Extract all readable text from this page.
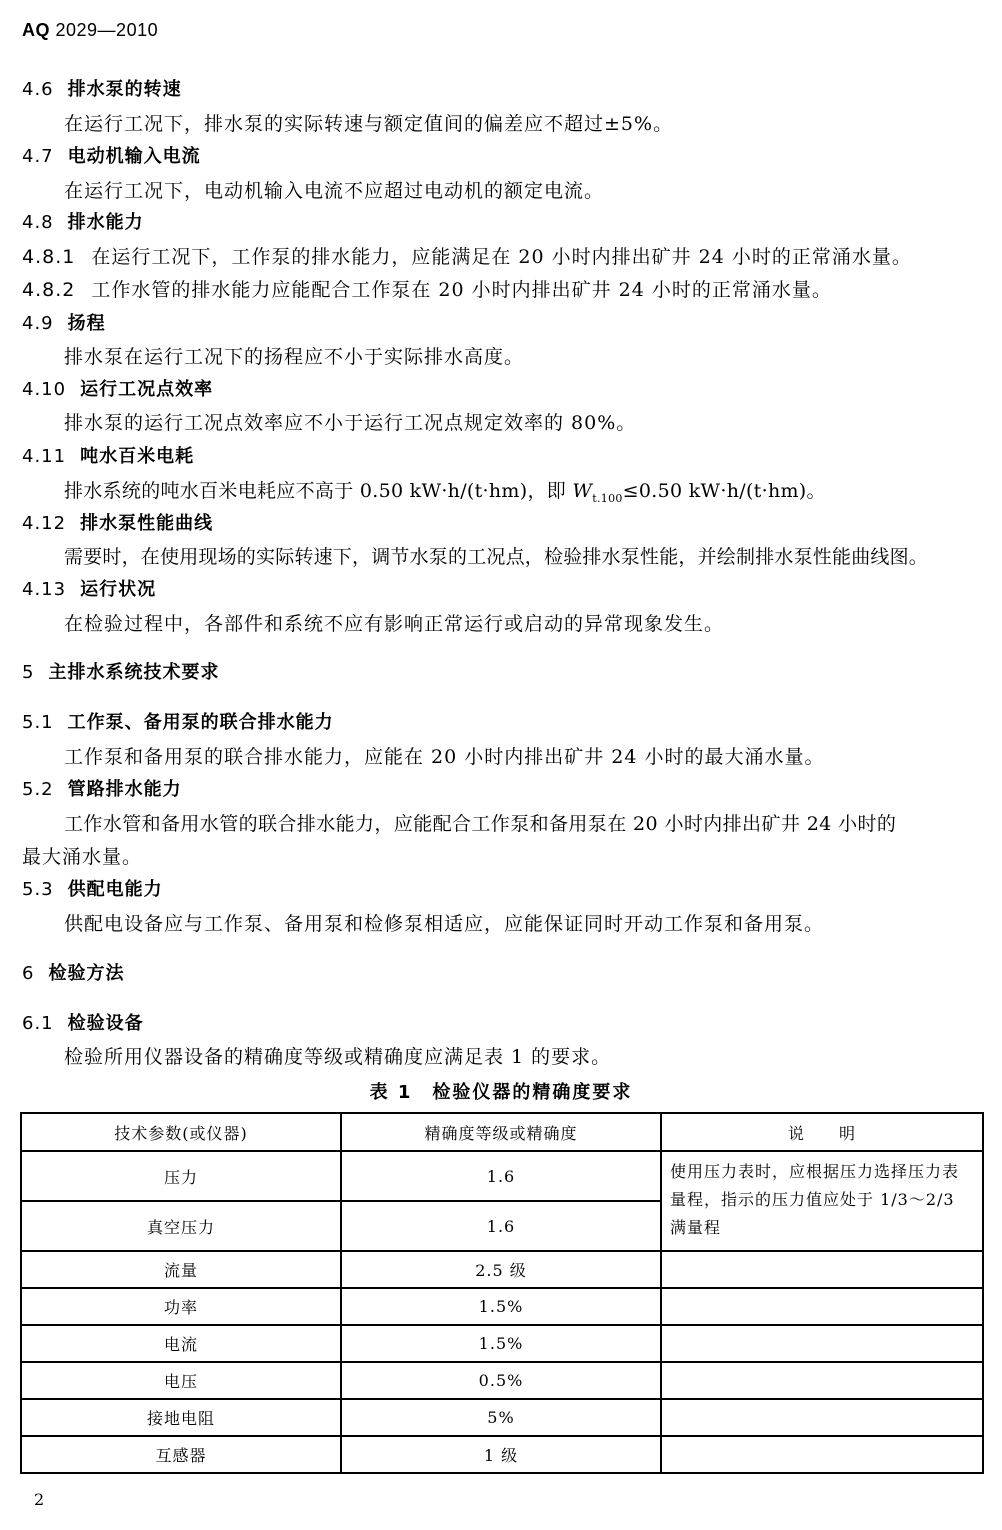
AQ 2029—2010
4.6 排水泵的转速
在运行工况下，排水泵的实际转速与额定值间的偏差应不超过±5%。
4.7 电动机输入电流
在运行工况下，电动机输入电流不应超过电动机的额定电流。
4.8 排水能力
4.8.1 在运行工况下，工作泵的排水能力，应能满足在 20 小时内排出矿井 24 小时的正常涌水量。
4.8.2 工作水管的排水能力应能配合工作泵在 20 小时内排出矿井 24 小时的正常涌水量。
4.9 扬程
排水泵在运行工况下的扬程应不小于实际排水高度。
4.10 运行工况点效率
排水泵的运行工况点效率应不小于运行工况点规定效率的 80%。
4.11 吨水百米电耗
排水系统的吨水百米电耗应不高于 0.50 kW·h/(t·hm)，即 $W_{t.100}\le 0.50$ kW·h/(t·hm)。
4.12 排水泵性能曲线
需要时，在使用现场的实际转速下，调节水泵的工况点，检验排水泵性能，并绘制排水泵性能曲线图。
4.13 运行状况
在检验过程中，各部件和系统不应有影响正常运行或启动的异常现象发生。
5 主排水系统技术要求
5.1 工作泵、备用泵的联合排水能力
工作泵和备用泵的联合排水能力，应能在 20 小时内排出矿井 24 小时的最大涌水量。
5.2 管路排水能力
工作水管和备用水管的联合排水能力，应能配合工作泵和备用泵在 20 小时内排出矿井 24 小时的
最大涌水量。
5.3 供配电能力
供配电设备应与工作泵、备用泵和检修泵相适应，应能保证同时开动工作泵和备用泵。
6 检验方法
6.1 检验设备
检验所用仪器设备的精确度等级或精确度应满足表 1 的要求。
表 1　检验仪器的精确度要求
技术参数(或仪器)	精确度等级或精确度	说　　明
压力	1.6	使用压力表时，应根据压力选择压力表量程，指示的压力值应处于 1/3～2/3 满量程
真空压力	1.6	
流量	2.5 级	
功率	1.5%	
电流	1.5%	
电压	0.5%	
接地电阻	5%	
互感器	1 级	
2
